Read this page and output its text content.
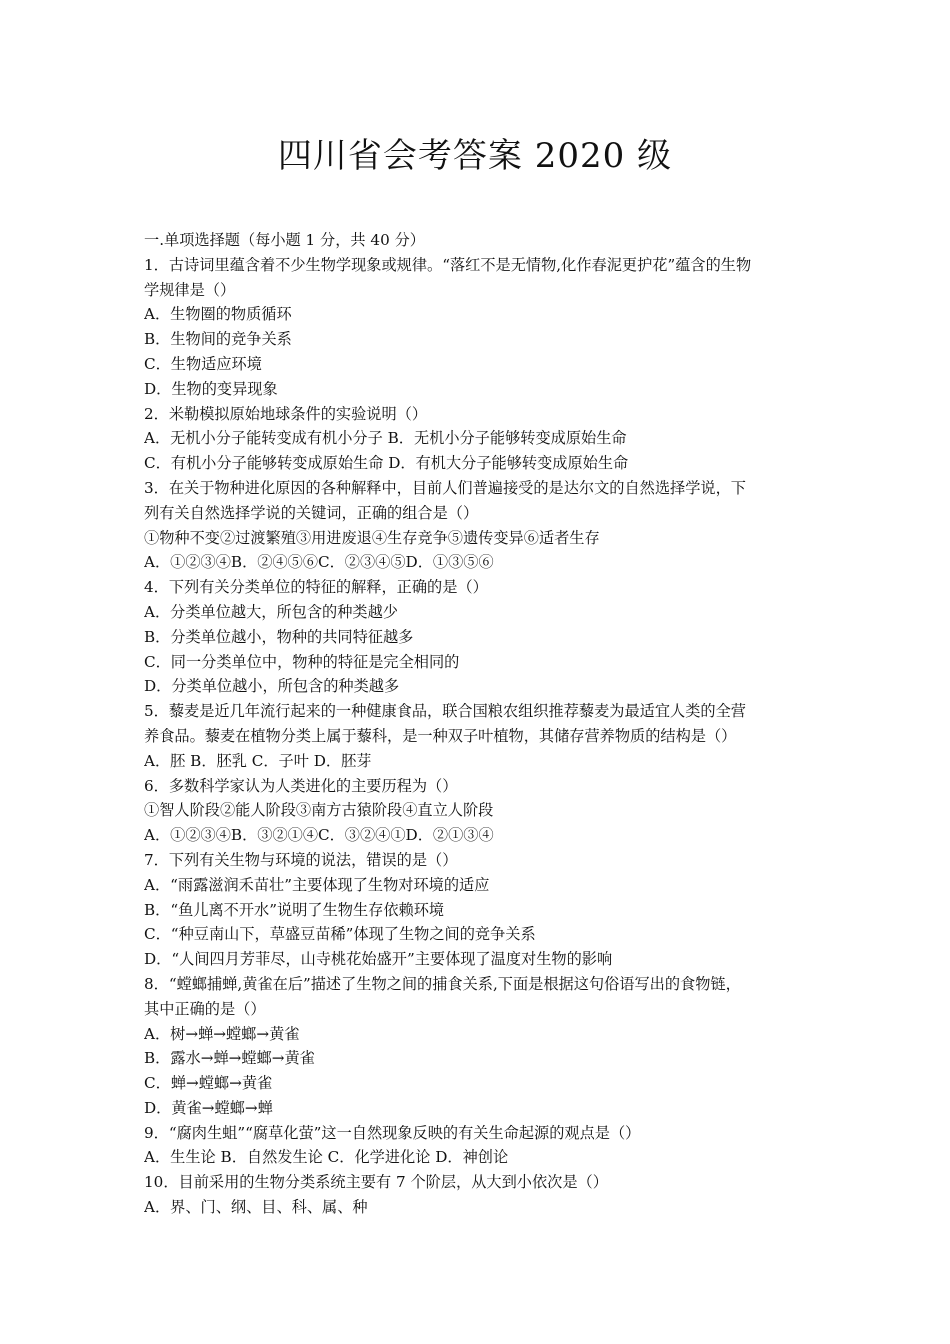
四川省会考答案 2020 级
一.单项选择题（每小题 1 分，共 40 分）
1．古诗词里蕴含着不少生物学现象或规律。“落红不是无情物,化作春泥更护花”蕴含的生物
学规律是（）
A．生物圈的物质循环
B．生物间的竞争关系
C．生物适应环境
D．生物的变异现象
2．米勒模拟原始地球条件的实验说明（）
A．无机小分子能转变成有机小分子 B．无机小分子能够转变成原始生命
C．有机小分子能够转变成原始生命 D．有机大分子能够转变成原始生命
3．在关于物种进化原因的各种解释中，目前人们普遍接受的是达尔文的自然选择学说，下
列有关自然选择学说的关键词，正确的组合是（）
①物种不变②过渡繁殖③用进废退④生存竞争⑤遗传变异⑥适者生存
A．①②③④B．②④⑤⑥C．②③④⑤D．①③⑤⑥
4．下列有关分类单位的特征的解释，正确的是（）
A．分类单位越大，所包含的种类越少
B．分类单位越小，物种的共同特征越多
C．同一分类单位中，物种的特征是完全相同的
D．分类单位越小，所包含的种类越多
5．藜麦是近几年流行起来的一种健康食品，联合国粮农组织推荐藜麦为最适宜人类的全营
养食品。藜麦在植物分类上属于藜科，是一种双子叶植物，其储存营养物质的结构是（）
A．胚 B．胚乳 C．子叶 D．胚芽
6．多数科学家认为人类进化的主要历程为（）
①智人阶段②能人阶段③南方古猿阶段④直立人阶段
A．①②③④B．③②①④C．③②④①D．②①③④
7．下列有关生物与环境的说法，错误的是（）
A．“雨露滋润禾苗壮”主要体现了生物对环境的适应
B．“鱼儿离不开水”说明了生物生存依赖环境
C．“种豆南山下，草盛豆苗稀”体现了生物之间的竞争关系
D．“人间四月芳菲尽，山寺桃花始盛开”主要体现了温度对生物的影响
8．“螳螂捕蝉,黄雀在后”描述了生物之间的捕食关系,下面是根据这句俗语写出的食物链，
其中正确的是（）
A．树→蝉→螳螂→黄雀
B．露水→蝉→螳螂→黄雀
C．蝉→螳螂→黄雀
D．黄雀→螳螂→蝉
9．“腐肉生蛆”“腐草化萤”这一自然现象反映的有关生命起源的观点是（）
A．生生论 B．自然发生论 C．化学进化论 D．神创论
10．目前采用的生物分类系统主要有 7 个阶层，从大到小依次是（）
A．界、门、纲、目、科、属、种
